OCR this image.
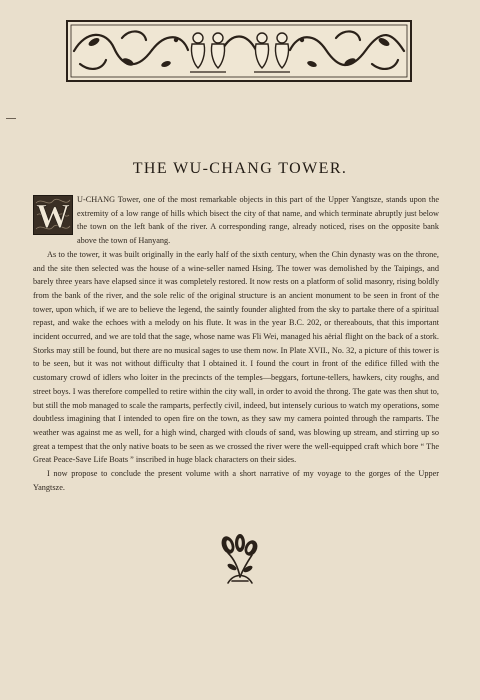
THE WU-CHANG TOWER.

W U-CHANG Tower, one of the most remarkable objects in this part of the Upper Yangtsze, stands upon the extremity of a low range of hills which bisect the city of that name, and which terminate abruptly just below the town on the left bank of the river. A corresponding range, already noticed, rises on the opposite bank above the town of Hanyang.

As to the tower, it was built originally in the early half of the sixth century, when the Chin dynasty was on the throne, and the site then selected was the house of a wine-seller named Hsing. The tower was demolished by the Taipings, and barely three years have elapsed since it was completely restored. It now rests on a platform of solid masonry, rising boldly from the bank of the river, and the sole relic of the original structure is an ancient monument to be seen in front of the tower, upon which, if we are to believe the legend, the saintly founder alighted from the sky to partake there of a spiritual repast, and wake the echoes with a melody on his flute. It was in the year B.C. 202, or thereabouts, that this important incident occurred, and we are told that the sage, whose name was Fli Wei, managed his aërial flight on the back of a stork. Storks may still be found, but there are no musical sages to use them now. In Plate XVII., No. 32, a picture of this tower is to be seen, but it was not without difficulty that I obtained it. I found the court in front of the edifice filled with the customary crowd of idlers who loiter in the precincts of the temples—beggars, fortune-tellers, hawkers, city roughs, and street boys. I was therefore compelled to retire within the city wall, in order to avoid the throng. The gate was then shut to, but still the mob managed to scale the ramparts, perfectly civil, indeed, but intensely curious to watch my operations, some doubtless imagining that I intended to open fire on the town, as they saw my camera pointed through the ramparts. The weather was against me as well, for a high wind, charged with clouds of sand, was blowing up stream, and stirring up so great a tempest that the only native boats to be seen as we crossed the river were the well-equipped craft which bore “ The Great Peace-Save Life Boats ” inscribed in huge black characters on their sides.

I now propose to conclude the present volume with a short narrative of my voyage to the gorges of the Upper Yangtsze.
